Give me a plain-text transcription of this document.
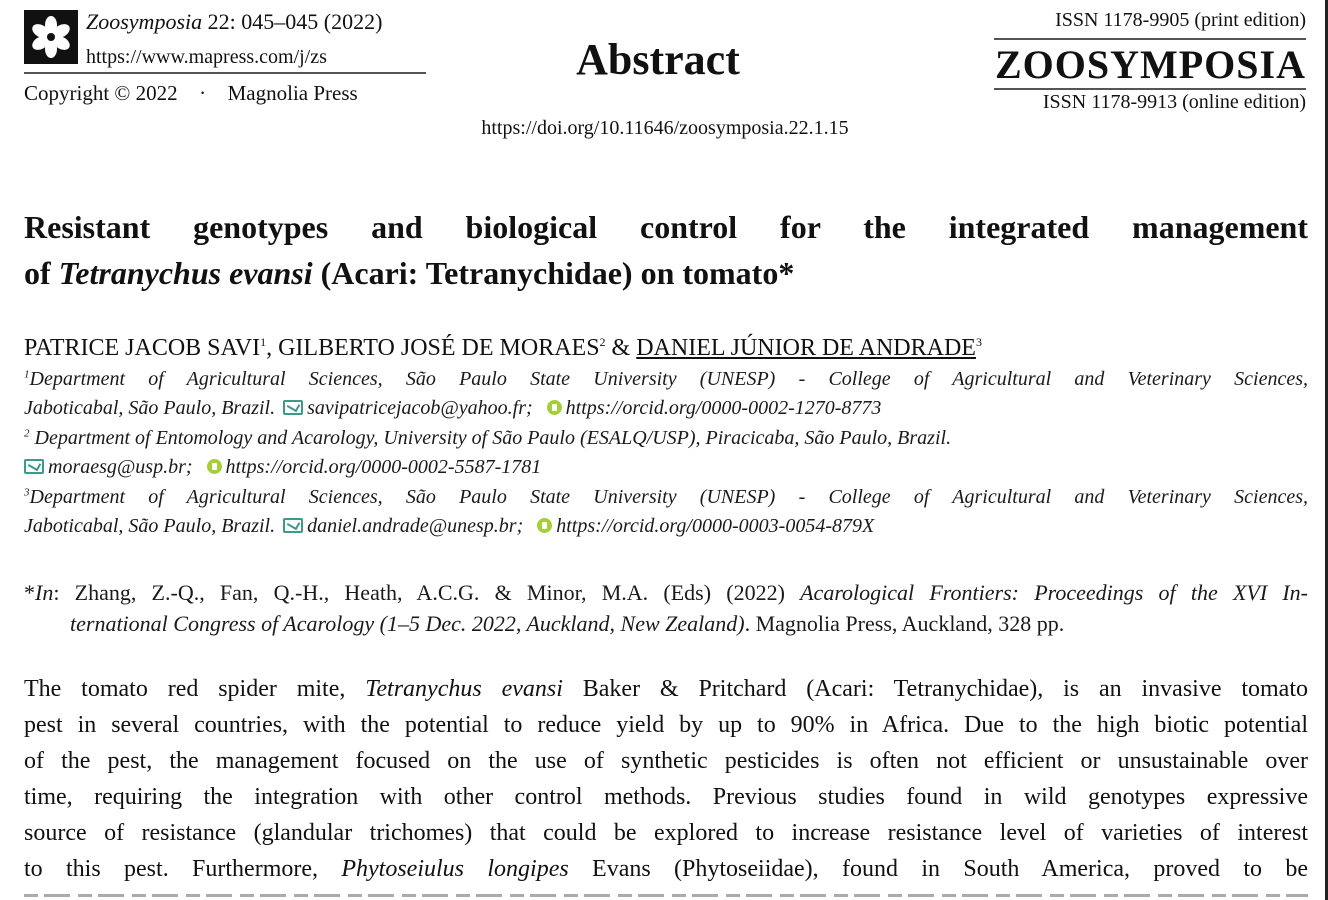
Zoosymposia 22: 045–045 (2022)
https://www.mapress.com/j/zs
Copyright © 2022 · Magnolia Press
Abstract
https://doi.org/10.11646/zoosymposia.22.1.15
ISSN 1178-9905 (print edition)
ZOOSYMPOSIA
ISSN 1178-9913 (online edition)
Resistant genotypes and biological control for the integrated management
of Tetranychus evansi (Acari: Tetranychidae) on tomato*
PATRICE JACOB SAVI$^1$, GILBERTO JOSÉ DE MORAES$^2$ & DANIEL JÚNIOR DE ANDRADE$^3$
$^1$Department of Agricultural Sciences, São Paulo State University (UNESP) - College of Agricultural and Veterinary Sciences,
Jaboticabal, São Paulo, Brazil. savipatricejacob@yahoo.fr; https://orcid.org/0000-0002-1270-8773
$^2$ Department of Entomology and Acarology, University of São Paulo (ESALQ/USP), Piracicaba, São Paulo, Brazil.
moraesg@usp.br; https://orcid.org/0000-0002-5587-1781
$^3$Department of Agricultural Sciences, São Paulo State University (UNESP) - College of Agricultural and Veterinary Sciences,
Jaboticabal, São Paulo, Brazil. daniel.andrade@unesp.br; https://orcid.org/0000-0003-0054-879X
*In: Zhang, Z.-Q., Fan, Q.-H., Heath, A.C.G. & Minor, M.A. (Eds) (2022) Acarological Frontiers: Proceedings of the XVI In-
ternational Congress of Acarology (1–5 Dec. 2022, Auckland, New Zealand). Magnolia Press, Auckland, 328 pp.
The tomato red spider mite, Tetranychus evansi Baker & Pritchard (Acari: Tetranychidae), is an invasive tomato
pest in several countries, with the potential to reduce yield by up to 90% in Africa. Due to the high biotic potential
of the pest, the management focused on the use of synthetic pesticides is often not efficient or unsustainable over
time, requiring the integration with other control methods. Previous studies found in wild genotypes expressive
source of resistance (glandular trichomes) that could be explored to increase resistance level of varieties of interest
to this pest. Furthermore, Phytoseiulus longipes Evans (Phytoseiidae), found in South America, proved to be
